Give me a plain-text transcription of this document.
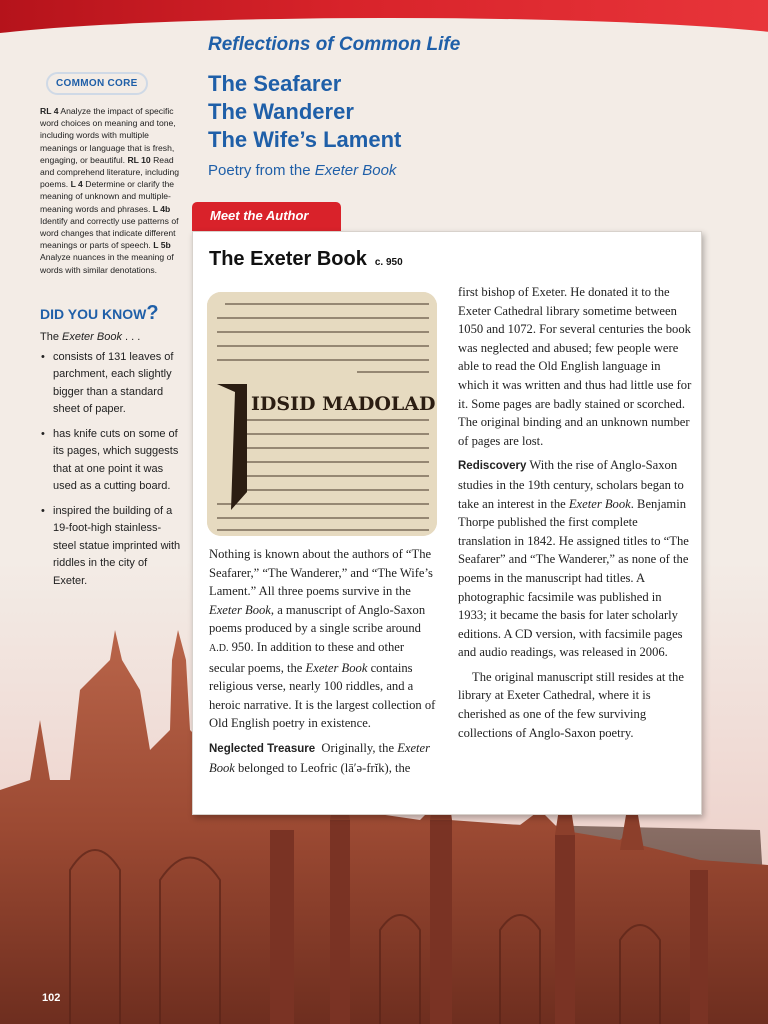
Reflections of Common Life
The Seafarer
The Wanderer
The Wife’s Lament
Poetry from the Exeter Book
COMMON CORE
RL 4 Analyze the impact of specific word choices on meaning and tone, including words with multiple meanings or language that is fresh, engaging, or beautiful. RL 10 Read and comprehend literature, including poems. L 4 Determine or clarify the meaning of unknown and multiple-meaning words and phrases. L 4b Identify and correctly use patterns of word changes that indicate different meanings or parts of speech. L 5b Analyze nuances in the meaning of words with similar denotations.
DID YOU KNOW?
The Exeter Book . . .
• consists of 131 leaves of parchment, each slightly bigger than a standard sheet of paper.
• has knife cuts on some of its pages, which suggests that at one point it was used as a cutting board.
• inspired the building of a 19-foot-high stainless-steel statue imprinted with riddles in the city of Exeter.
Meet the Author
The Exeter Book c. 950
IDSID MADOLAD

Nothing is known about the authors of “The Seafarer,” “The Wanderer,” and “The Wife’s Lament.” All three poems survive in the Exeter Book, a manuscript of Anglo-Saxon poems produced by a single scribe around A.D. 950. In addition to these and other secular poems, the Exeter Book contains religious verse, nearly 100 riddles, and a heroic narrative. It is the largest collection of Old English poetry in existence.

Neglected Treasure  Originally, the Exeter Book belonged to Leofric (lā′ə-frĭk), the

first bishop of Exeter. He donated it to the Exeter Cathedral library sometime between 1050 and 1072. For several centuries the book was neglected and abused; few people were able to read the Old English language in which it was written and thus had little use for it. Some pages are badly stained or scorched. The original binding and an unknown number of pages are lost.

Rediscovery With the rise of Anglo-Saxon studies in the 19th century, scholars began to take an interest in the Exeter Book. Benjamin Thorpe published the first complete translation in 1842. He assigned titles to “The Seafarer” and “The Wanderer,” as none of the poems in the manuscript had titles. A photographic facsimile was published in 1933; it became the basis for later scholarly editions. A CD version, with facsimile pages and audio readings, was released in 2006.

The original manuscript still resides at the library at Exeter Cathedral, where it is cherished as one of the few surviving collections of Anglo-Saxon poetry.

102
